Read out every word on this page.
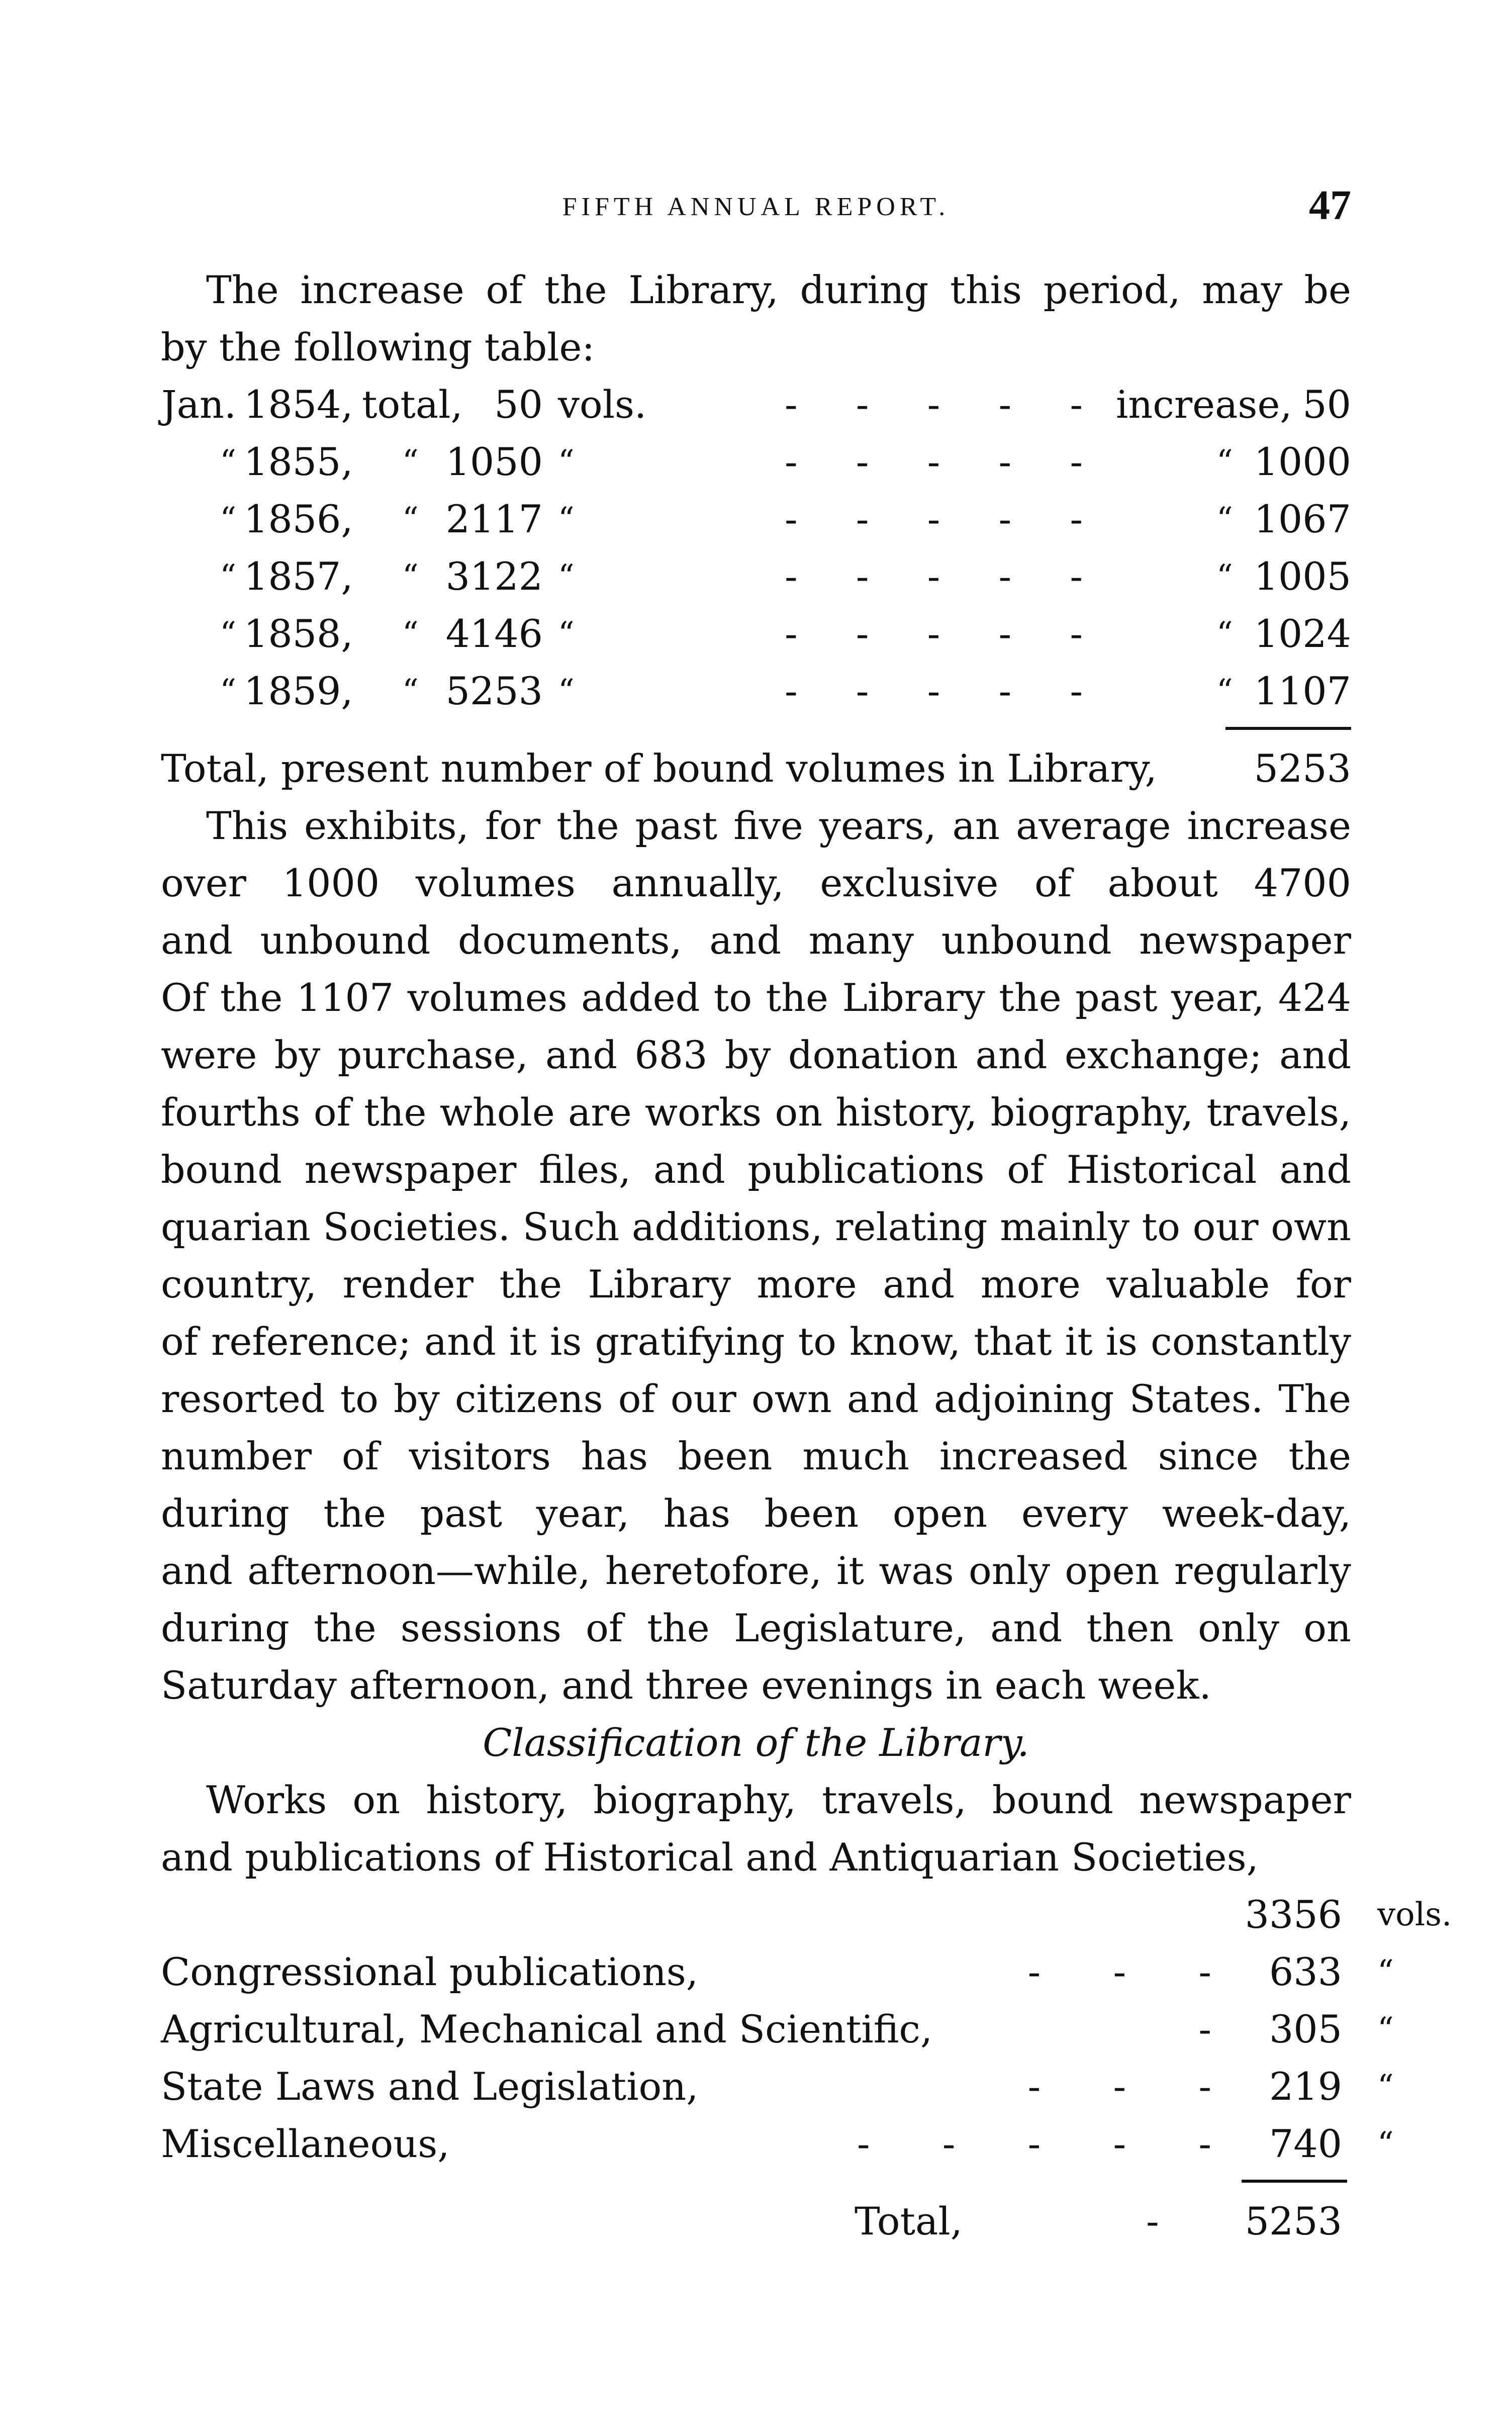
FIFTH ANNUAL REPORT.	47
The increase of the Library, during this period, may be
by the following table:
Jan. 1854, total, 50 vols.	- - - - - increase, 50
“ 1855, “ 1050 “	- - - - -	“ 1000
“ 1856, “ 2117 “	- - - - -	“ 1067
“ 1857, “ 3122 “	- - - - -	“ 1005
“ 1858, “ 4146 “	- - - - -	“ 1024
“ 1859, “ 5253 “	- - - - -	“ 1107
Total, present number of bound volumes in Library,	5253
This exhibits, for the past five years, an average increase
over 1000 volumes annually, exclusive of about 4700
and unbound documents, and many unbound newspaper
Of the 1107 volumes added to the Library the past year, 424
were by purchase, and 683 by donation and exchange; and
fourths of the whole are works on history, biography, travels,
bound newspaper files, and publications of Historical and
quarian Societies. Such additions, relating mainly to our own
country, render the Library more and more valuable for
of reference; and it is gratifying to know, that it is constantly
resorted to by citizens of our own and adjoining States. The
number of visitors has been much increased since the
during the past year, has been open every week-day,
and afternoon—while, heretofore, it was only open regularly
during the sessions of the Legislature, and then only on
Saturday afternoon, and three evenings in each week.
Classification of the Library.
Works on history, biography, travels, bound newspaper
and publications of Historical and Antiquarian Societies,
3356 vols.
Congressional publications,	- - - 633 “
Agricultural, Mechanical and Scientific,	- 305 “
State Laws and Legislation,	- - - 219 “
Miscellaneous,	- - - - - 740 “
Total,	- 5253
